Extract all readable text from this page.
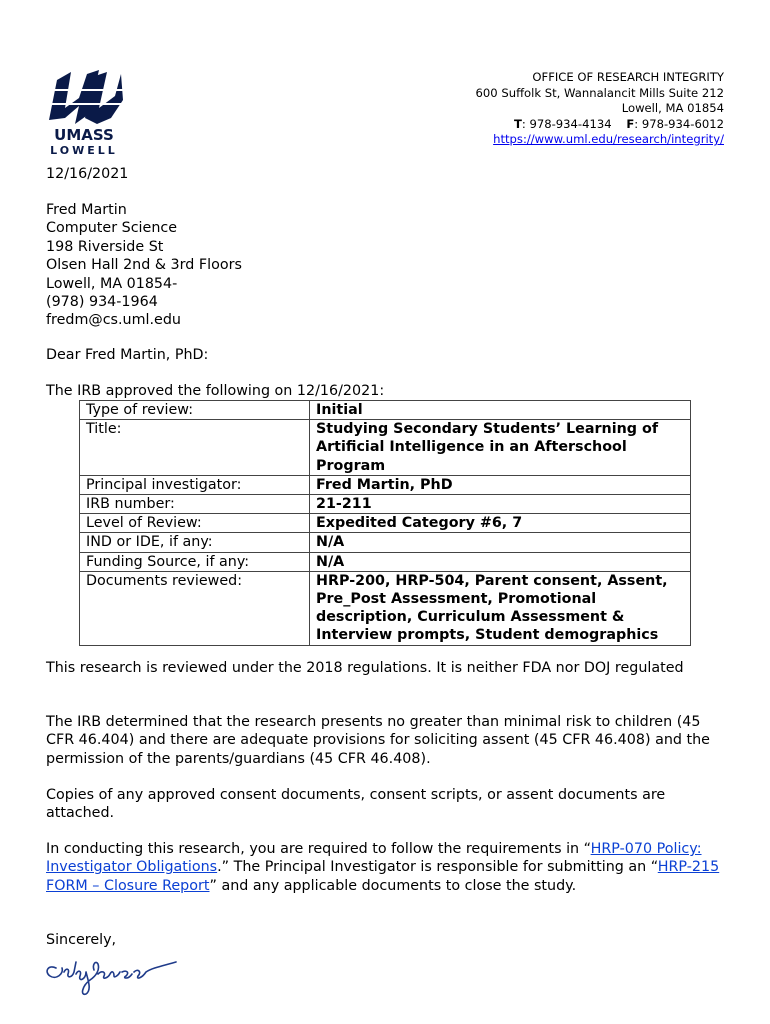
UMASS
LOWELL
OFFICE OF RESEARCH INTEGRITY
600 Suffolk St, Wannalancit Mills Suite 212
Lowell, MA 01854
T: 978-934-4134 F: 978-934-6012
https://www.uml.edu/research/integrity/
12/16/2021
Fred Martin
Computer Science
198 Riverside St
Olsen Hall 2nd & 3rd Floors
Lowell, MA 01854-
(978) 934-1964
fredm@cs.uml.edu
Dear Fred Martin, PhD:
The IRB approved the following on 12/16/2021:
Type of review:	Initial
Title:	Studying Secondary Students’ Learning of Artificial Intelligence in an Afterschool Program
Principal investigator:	Fred Martin, PhD
IRB number:	21-211
Level of Review:	Expedited Category #6, 7
IND or IDE, if any:	N/A
Funding Source, if any:	N/A
Documents reviewed:	HRP-200, HRP-504, Parent consent, Assent, Pre_Post Assessment, Promotional description, Curriculum Assessment & Interview prompts, Student demographics
This research is reviewed under the 2018 regulations. It is neither FDA nor DOJ regulated
The IRB determined that the research presents no greater than minimal risk to children (45 CFR 46.404) and there are adequate provisions for soliciting assent (45 CFR 46.408) and the permission of the parents/guardians (45 CFR 46.408).
Copies of any approved consent documents, consent scripts, or assent documents are attached.
In conducting this research, you are required to follow the requirements in “HRP-070 Policy: Investigator Obligations.” The Principal Investigator is responsible for submitting an “HRP-215 FORM – Closure Report” and any applicable documents to close the study.
Sincerely,
